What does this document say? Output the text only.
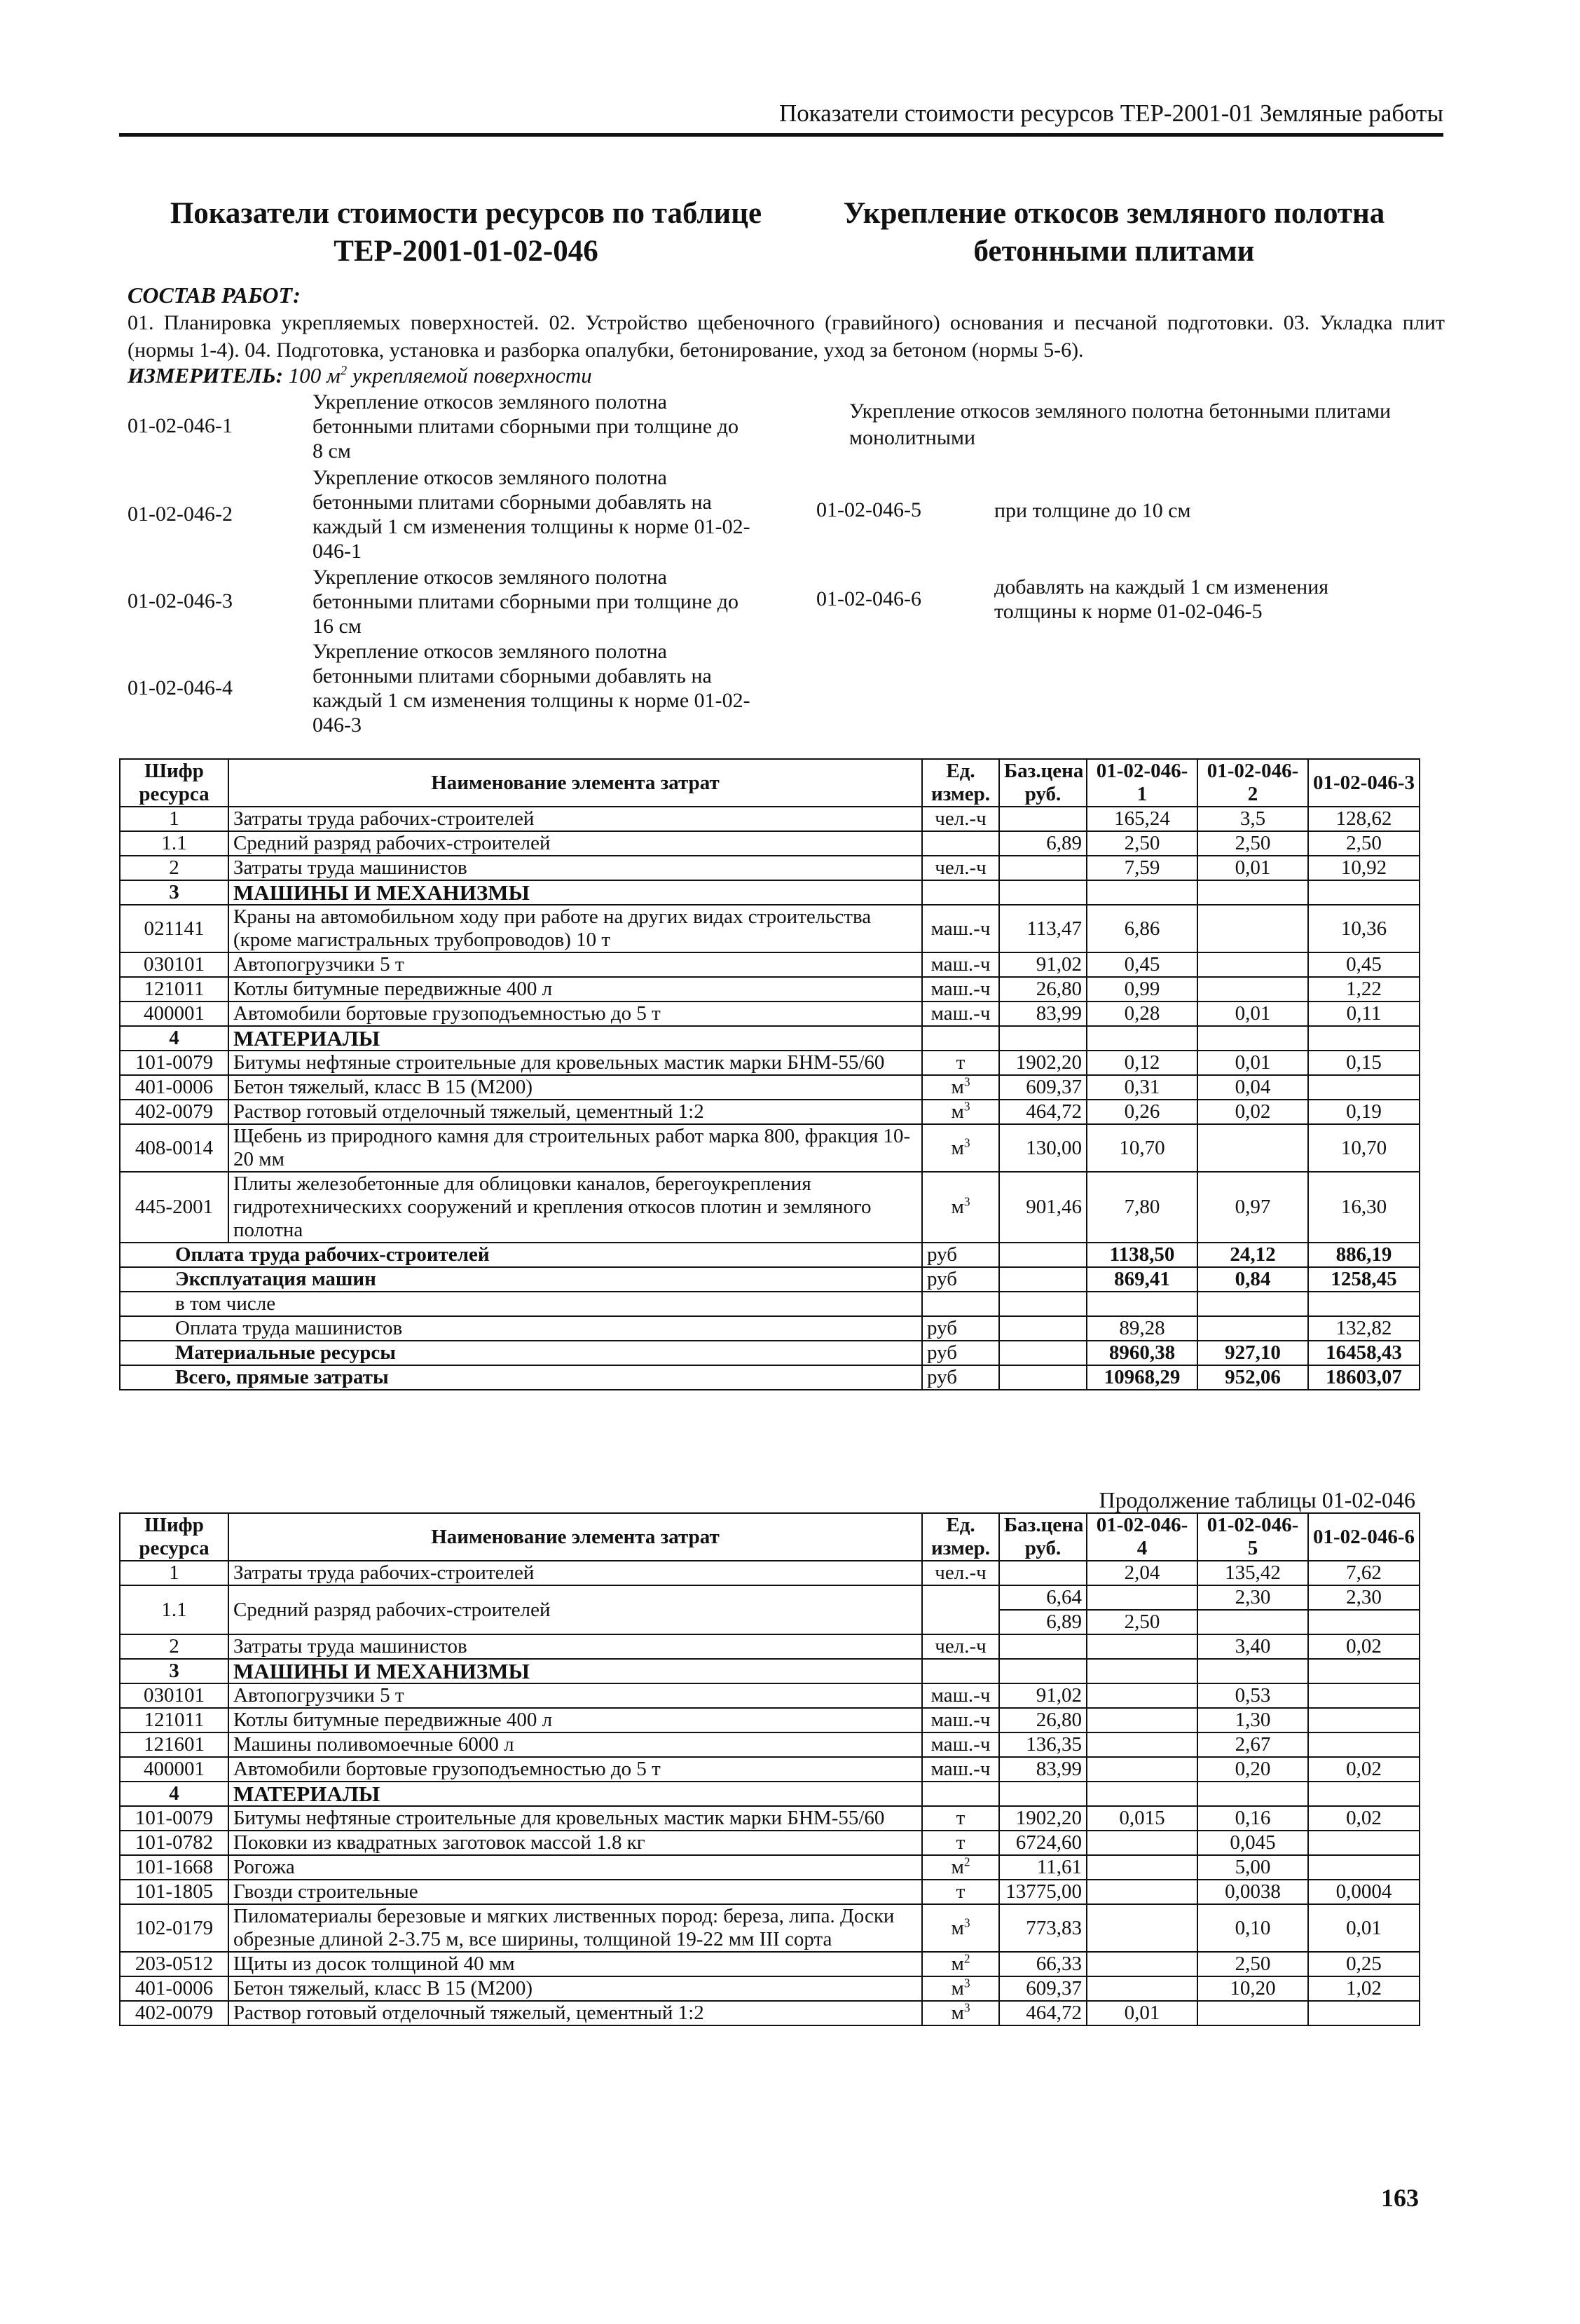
Показатели стоимости ресурсов ТЕР-2001-01 Земляные работы
Показатели стоимости ресурсов по таблице
ТЕР-2001-01-02-046
Укрепление откосов земляного полотна
бетонными плитами
СОСТАВ РАБОТ:
01. Планировка укрепляемых поверхностей. 02. Устройство щебеночного (гравийного) основания и песчаной подготовки. 03. Укладка плит (нормы 1-4). 04. Подготовка, установка и разборка опалубки, бетонирование, уход за бетоном (нормы 5-6).
ИЗМЕРИТЕЛЬ: 100 $м^2$ укрепляемой поверхности
01-02-046-1
Укрепление откосов земляного полотна бетонными плитами сборными при толщине до 8 см
01-02-046-2
Укрепление откосов земляного полотна бетонными плитами сборными добавлять на каждый 1 см изменения толщины к норме 01-02-046-1
01-02-046-3
Укрепление откосов земляного полотна бетонными плитами сборными при толщине до 16 см
01-02-046-4
Укрепление откосов земляного полотна бетонными плитами сборными добавлять на каждый 1 см изменения толщины к норме 01-02-046-3
Укрепление откосов земляного полотна бетонными плитами монолитными
01-02-046-5	при толщине до 10 см
01-02-046-6
добавлять на каждый 1 см изменения толщины к норме 01-02-046-5
Шифр ресурса	Наименование элемента затрат	Ед. измер.	Баз.цена руб.	01-02-046-1	01-02-046-2	01-02-046-3
1	Затраты труда рабочих-строителей	чел.-ч		165,24	3,5	128,62
1.1	Средний разряд рабочих-строителей		6,89	2,50	2,50	2,50
2	Затраты труда машинистов	чел.-ч		7,59	0,01	10,92
3	МАШИНЫ И МЕХАНИЗМЫ					
021141	Краны на автомобильном ходу при работе на других видах строительства (кроме магистральных трубопроводов) 10 т	маш.-ч	113,47	6,86		10,36
030101	Автопогрузчики 5 т	маш.-ч	91,02	0,45		0,45
121011	Котлы битумные передвижные 400 л	маш.-ч	26,80	0,99		1,22
400001	Автомобили бортовые грузоподъемностью до 5 т	маш.-ч	83,99	0,28	0,01	0,11
4	МАТЕРИАЛЫ					
101-0079	Битумы нефтяные строительные для кровельных мастик марки БНМ-55/60	т	1902,20	0,12	0,01	0,15
401-0006	Бетон тяжелый, класс В 15 (М200)	$м^3$	609,37	0,31	0,04	
402-0079	Раствор готовый отделочный тяжелый, цементный 1:2	$м^3$	464,72	0,26	0,02	0,19
408-0014	Щебень из природного камня для строительных работ марка 800, фракция 10-20 мм	$м^3$	130,00	10,70		10,70
445-2001	Плиты железобетонные для облицовки каналов, берегоукрепления гидротехническихх сооружений и крепления откосов плотин и земляного полотна	$м^3$	901,46	7,80	0,97	16,30
Оплата труда рабочих-строителей		руб		1138,50	24,12	886,19
Эксплуатация машин		руб		869,41	0,84	1258,45
в том числе						
Оплата труда машинистов		руб		89,28		132,82
Материальные ресурсы		руб		8960,38	927,10	16458,43
Всего, прямые затраты		руб		10968,29	952,06	18603,07
Продолжение таблицы 01-02-046
Шифр ресурса	Наименование элемента затрат	Ед. измер.	Баз.цена руб.	01-02-046-4	01-02-046-5	01-02-046-6
1	Затраты труда рабочих-строителей	чел.-ч		2,04	135,42	7,62
1.1	Средний разряд рабочих-строителей		6,64		2,30	2,30
			6,89	2,50		
2	Затраты труда машинистов	чел.-ч			3,40	0,02
3	МАШИНЫ И МЕХАНИЗМЫ					
030101	Автопогрузчики 5 т	маш.-ч	91,02		0,53	
121011	Котлы битумные передвижные 400 л	маш.-ч	26,80		1,30	
121601	Машины поливомоечные 6000 л	маш.-ч	136,35		2,67	
400001	Автомобили бортовые грузоподъемностью до 5 т	маш.-ч	83,99		0,20	0,02
4	МАТЕРИАЛЫ					
101-0079	Битумы нефтяные строительные для кровельных мастик марки БНМ-55/60	т	1902,20	0,015	0,16	0,02
101-0782	Поковки из квадратных заготовок массой 1.8 кг	т	6724,60		0,045	
101-1668	Рогожа	$м^2$	11,61		5,00	
101-1805	Гвозди строительные	т	13775,00		0,0038	0,0004
102-0179	Пиломатериалы березовые и мягких лиственных пород: береза, липа. Доски обрезные длиной 2-3.75 м, все ширины, толщиной 19-22 мм III сорта	$м^3$	773,83		0,10	0,01
203-0512	Щиты из досок толщиной 40 мм	$м^2$	66,33		2,50	0,25
401-0006	Бетон тяжелый, класс В 15 (М200)	$м^3$	609,37		10,20	1,02
402-0079	Раствор готовый отделочный тяжелый, цементный 1:2	$м^3$	464,72	0,01		
163
